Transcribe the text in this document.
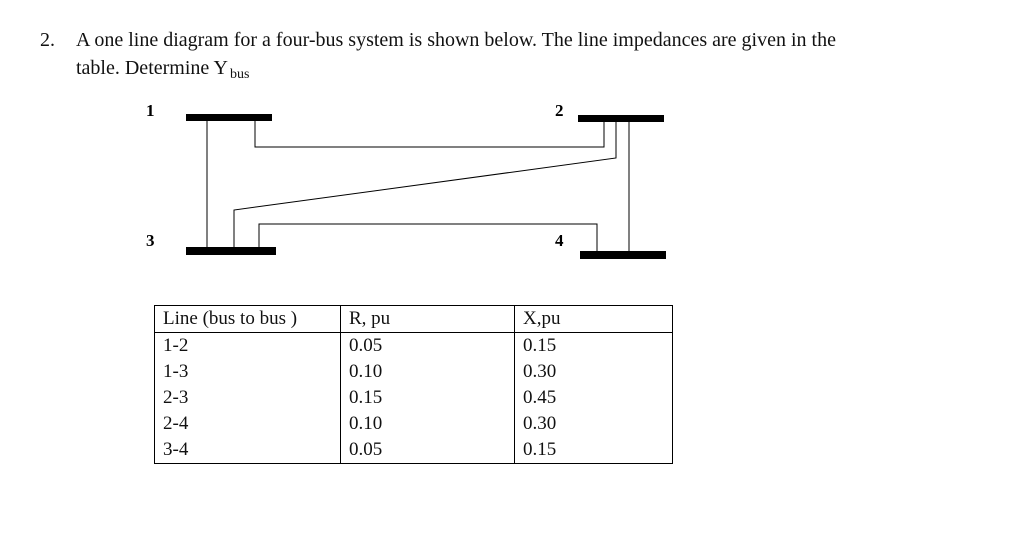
2. A one line diagram for a four-bus system is shown below. The line impedances are given in the
table. Determine Y $_{bus}$
1	2
3	4
Line (bus to bus )	R, pu	X,pu
1-2	0.05	0.15
1-3	0.10	0.30
2-3	0.15	0.45
2-4	0.10	0.30
3-4	0.05	0.15
